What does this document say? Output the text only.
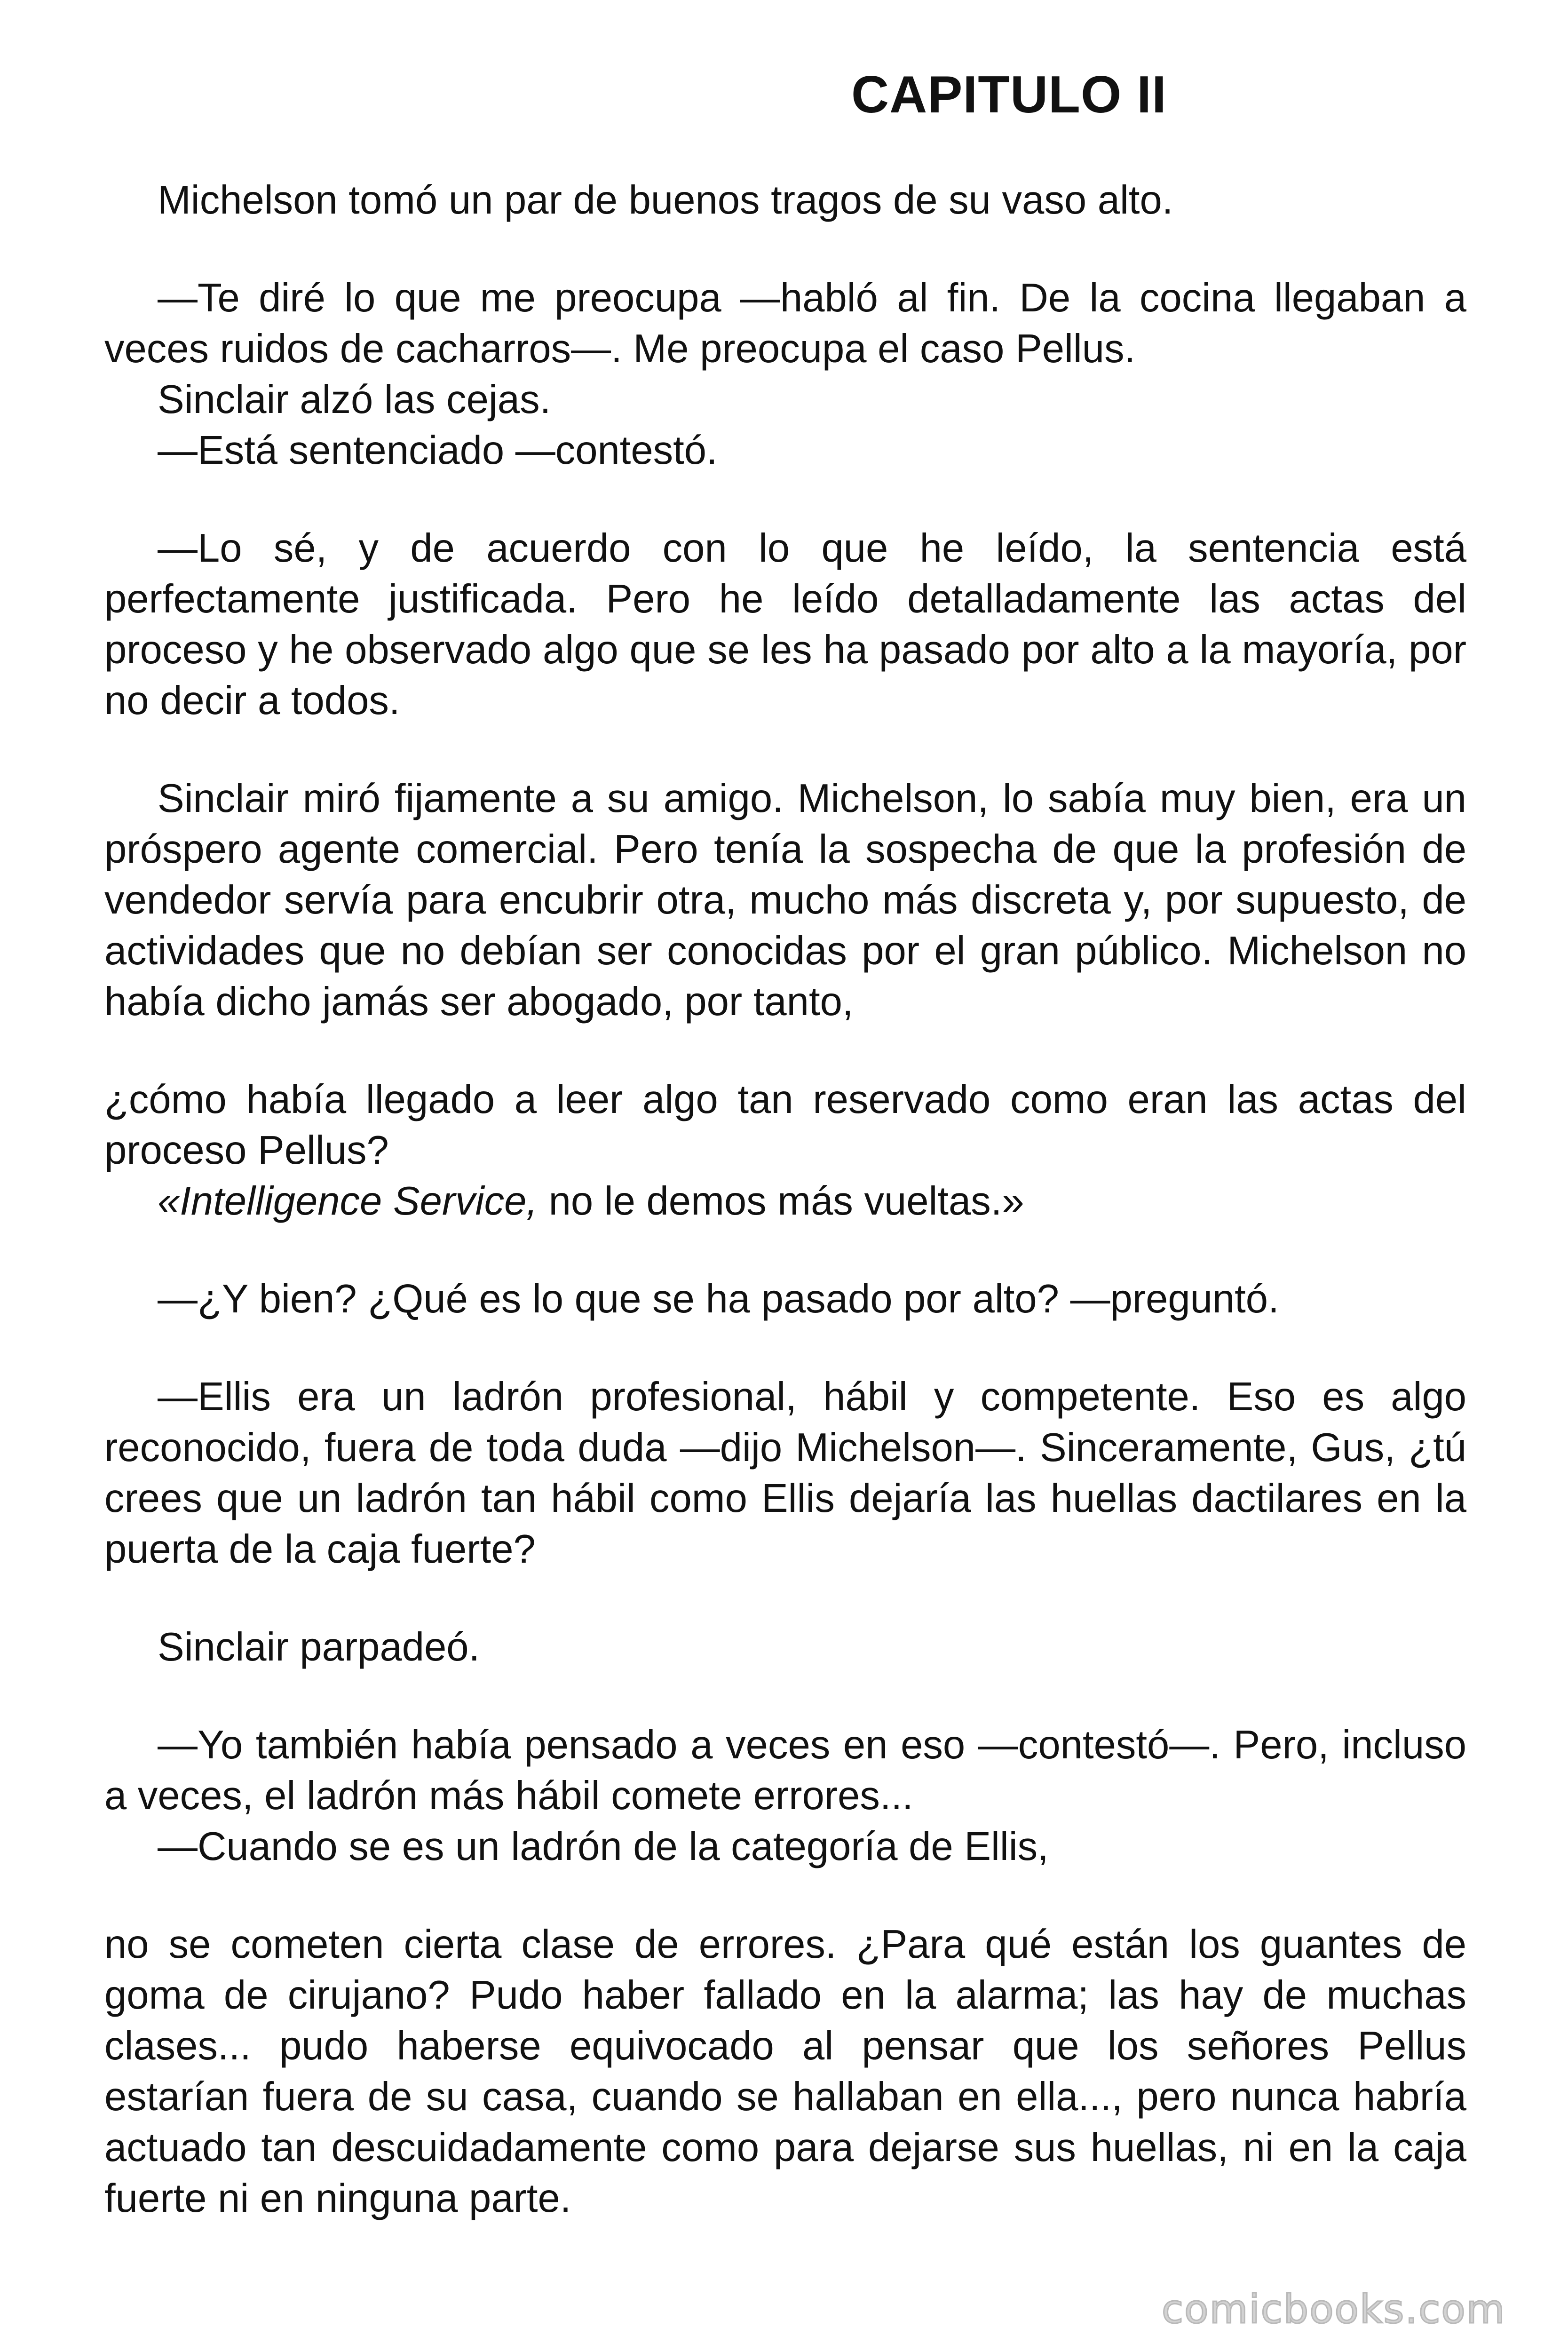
CAPITULO II

Michelson tomó un par de buenos tragos de su vaso alto.

—Te diré lo que me preocupa —habló al fin. De la cocina llegaban a veces ruidos de cacharros—. Me preocupa el caso Pellus.

Sinclair alzó las cejas.

—Está sentenciado —contestó.

—Lo sé, y de acuerdo con lo que he leído, la sentencia está perfectamente justificada. Pero he leído detalladamente las actas del proceso y he observado algo que se les ha pasado por alto a la mayoría, por no decir a todos.

Sinclair miró fijamente a su amigo. Michelson, lo sabía muy bien, era un próspero agente comercial. Pero tenía la sospecha de que la profesión de vendedor servía para encubrir otra, mucho más discreta y, por supuesto, de actividades que no debían ser conocidas por el gran público. Michelson no había dicho jamás ser abogado, por tanto,

¿cómo había llegado a leer algo tan reservado como eran las actas del proceso Pellus?

«Intelligence Service, no le demos más vueltas.»

—¿Y bien? ¿Qué es lo que se ha pasado por alto? —preguntó.

—Ellis era un ladrón profesional, hábil y competente. Eso es algo reconocido, fuera de toda duda —dijo Michelson—. Sinceramente, Gus, ¿tú crees que un ladrón tan hábil como Ellis dejaría las huellas dactilares en la puerta de la caja fuerte?

Sinclair parpadeó.

—Yo también había pensado a veces en eso —contestó—. Pero, incluso a veces, el ladrón más hábil comete errores...

—Cuando se es un ladrón de la categoría de Ellis,

no se cometen cierta clase de errores. ¿Para qué están los guantes de goma de cirujano? Pudo haber fallado en la alarma; las hay de muchas clases... pudo haberse equivocado al pensar que los señores Pellus estarían fuera de su casa, cuando se hallaban en ella..., pero nunca habría actuado tan descuidadamente como para dejarse sus huellas, ni en la caja fuerte ni en ninguna parte.

comicbooks.com
